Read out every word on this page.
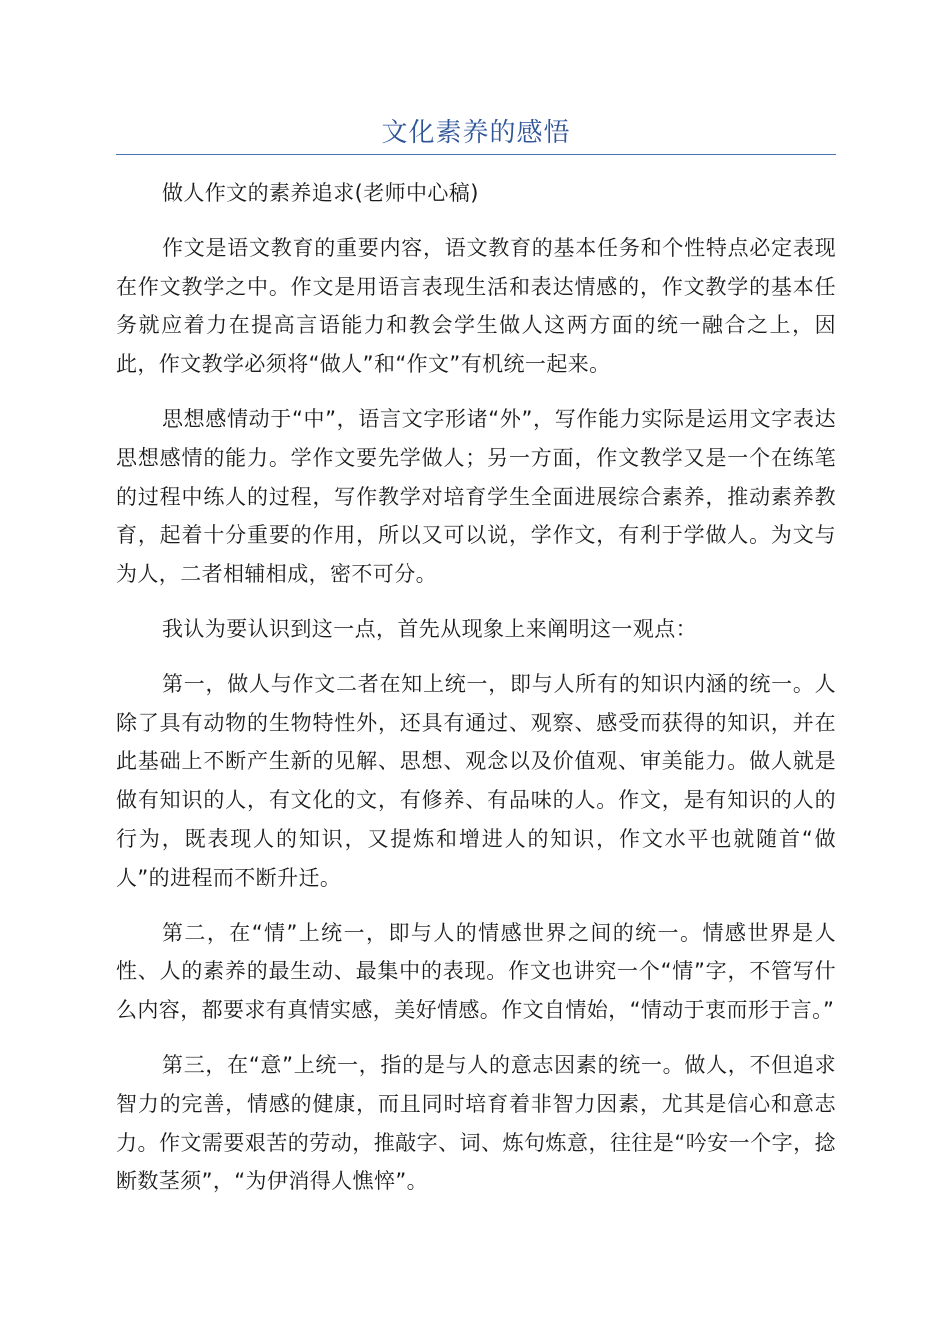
文化素养的感悟

做人作文的素养追求(老师中心稿)

作文是语文教育的重要内容，语文教育的基本任务和个性特点必定表现在作文教学之中。作文是用语言表现生活和表达情感的，作文教学的基本任务就应着力在提高言语能力和教会学生做人这两方面的统一融合之上，因此，作文教学必须将“做人”和“作文”有机统一起来。

思想感情动于“中”，语言文字形诸“外”，写作能力实际是运用文字表达思想感情的能力。学作文要先学做人；另一方面，作文教学又是一个在练笔的过程中练人的过程，写作教学对培育学生全面进展综合素养，推动素养教育，起着十分重要的作用，所以又可以说，学作文，有利于学做人。为文与为人，二者相辅相成，密不可分。

我认为要认识到这一点，首先从现象上来阐明这一观点：

第一，做人与作文二者在知上统一，即与人所有的知识内涵的统一。人除了具有动物的生物特性外，还具有通过、观察、感受而获得的知识，并在此基础上不断产生新的见解、思想、观念以及价值观、审美能力。做人就是做有知识的人，有文化的文，有修养、有品味的人。作文，是有知识的人的行为，既表现人的知识，又提炼和增进人的知识，作文水平也就随首“做人”的进程而不断升迁。

第二，在“情”上统一，即与人的情感世界之间的统一。情感世界是人性、人的素养的最生动、最集中的表现。作文也讲究一个“情”字，不管写什么内容，都要求有真情实感，美好情感。作文自情始，“情动于衷而形于言。”

第三，在“意”上统一，指的是与人的意志因素的统一。做人，不但追求智力的完善，情感的健康，而且同时培育着非智力因素，尤其是信心和意志力。作文需要艰苦的劳动，推敲字、词、炼句炼意，往往是“吟安一个字，捻断数茎须”，“为伊消得人憔悴”。
